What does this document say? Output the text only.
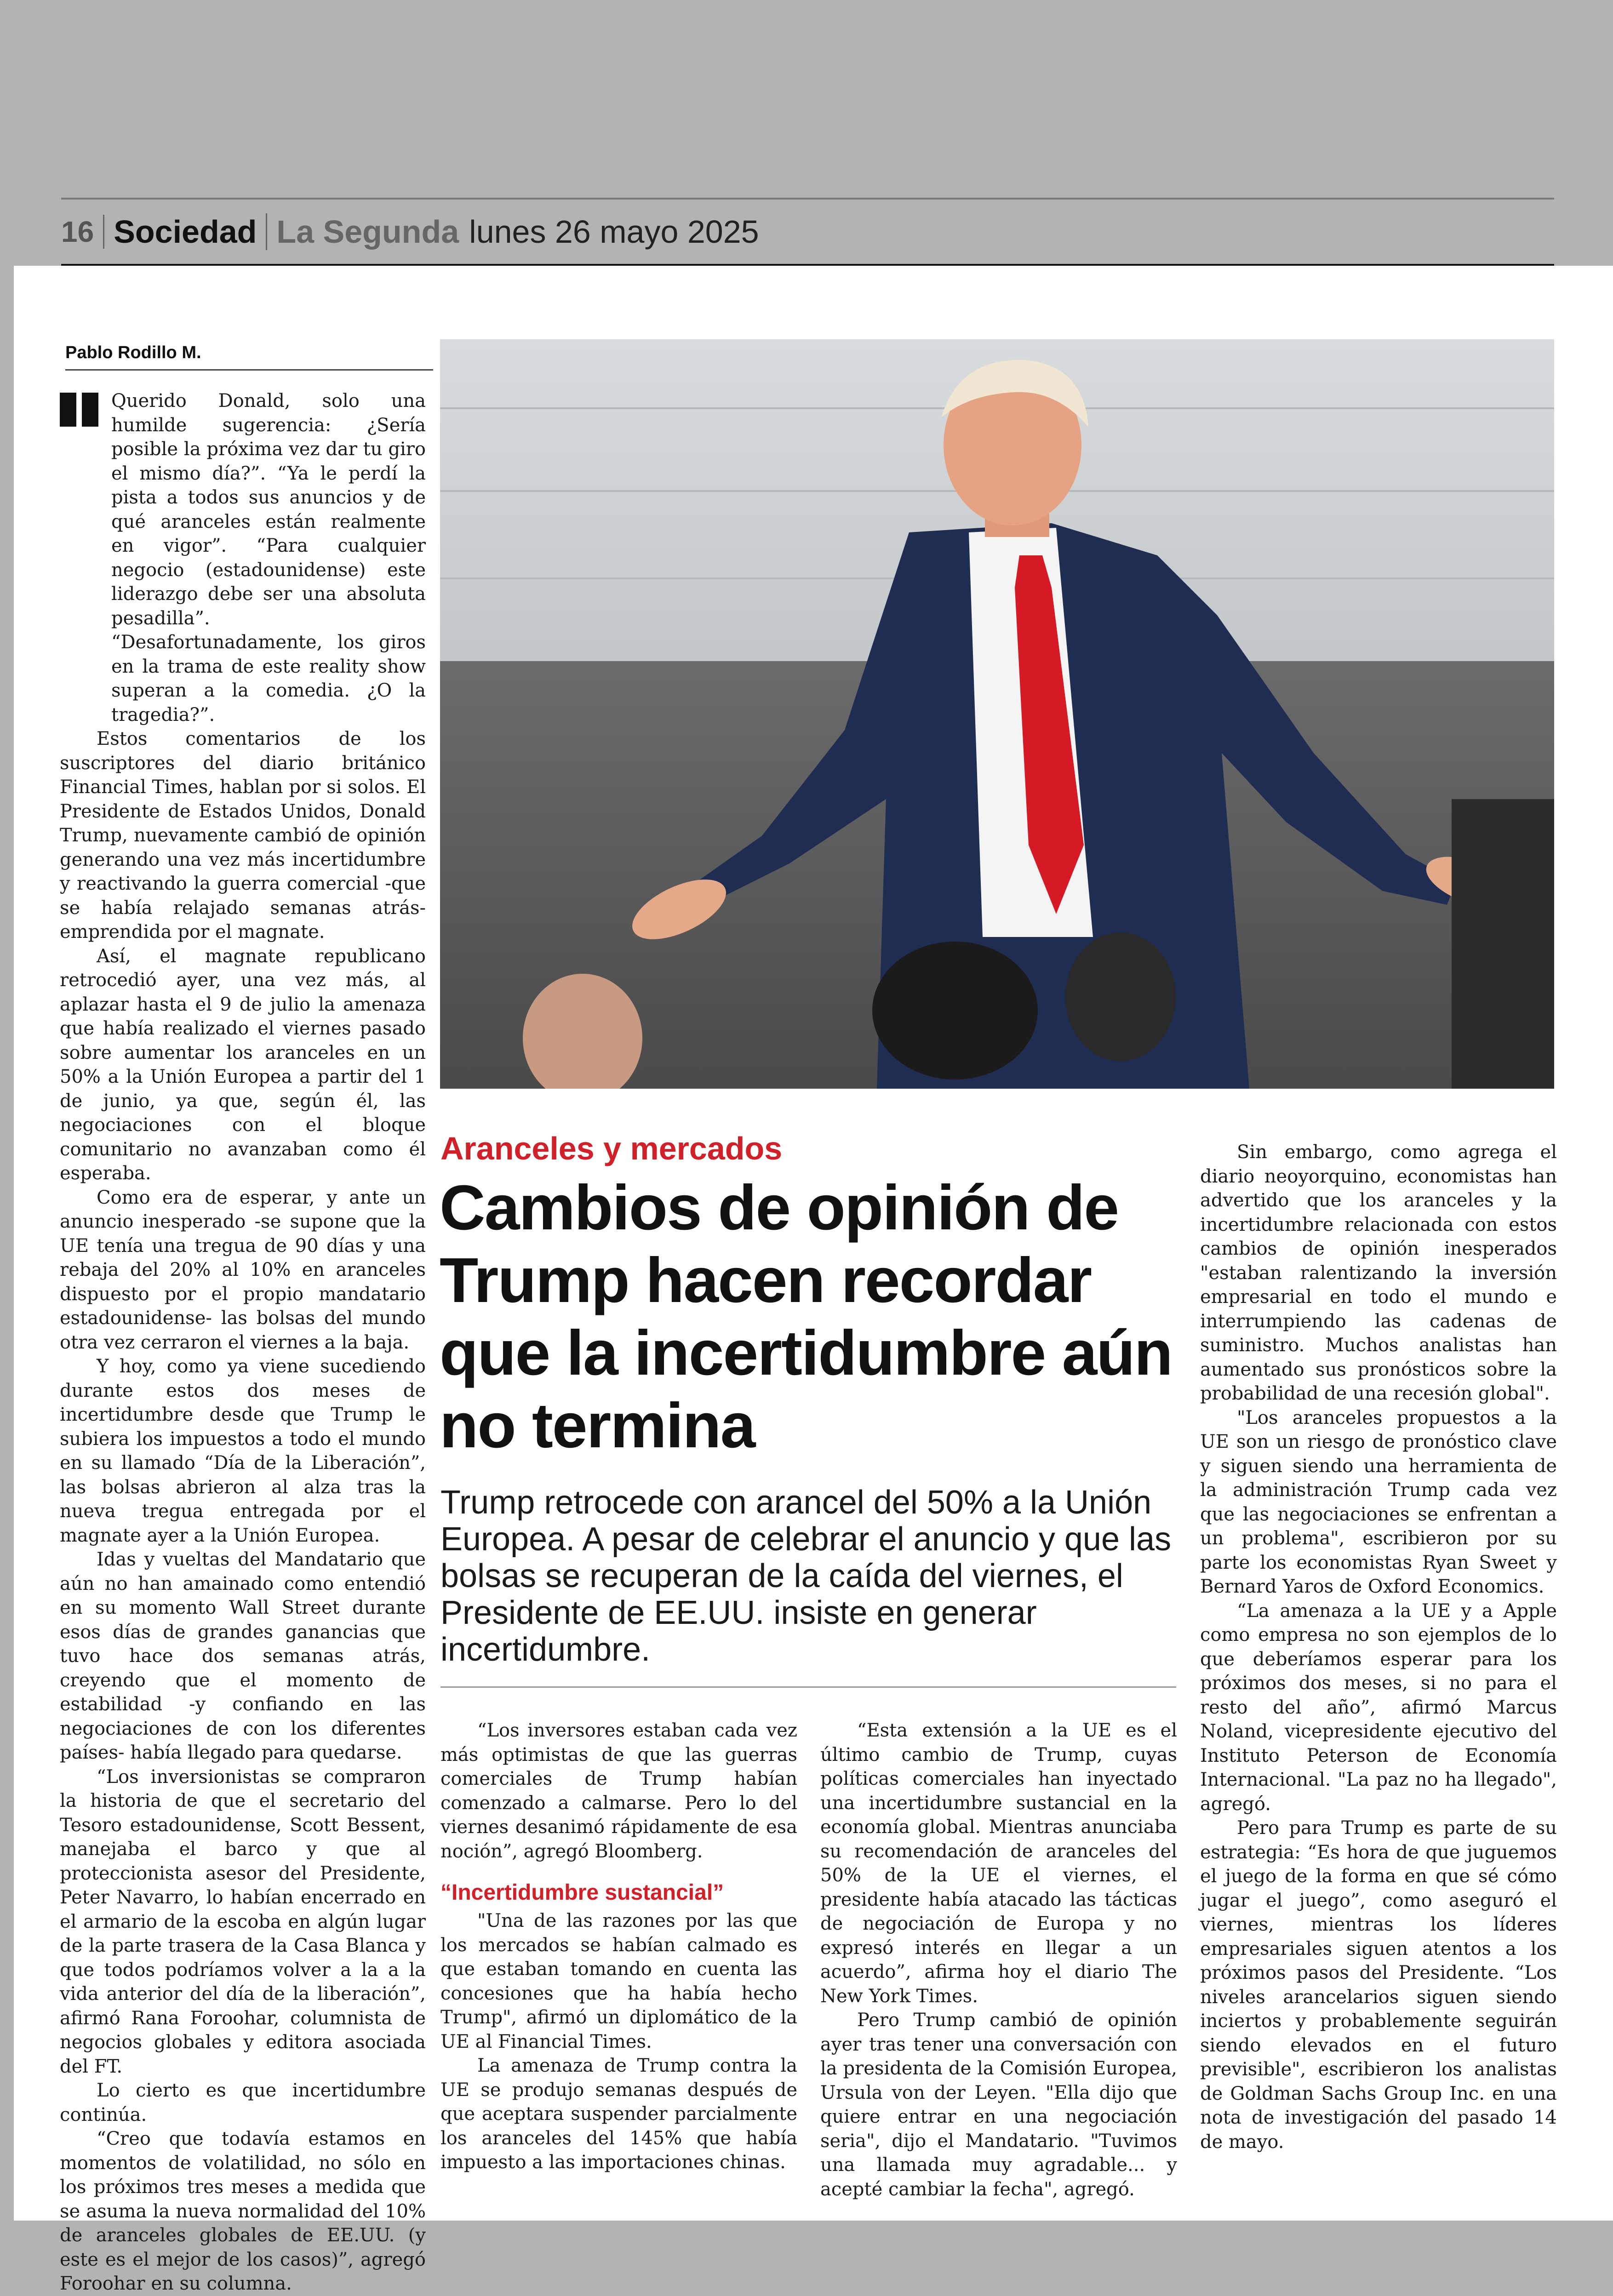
16 Sociedad La Segunda lunes 26 mayo 2025
Pablo Rodillo M.

Querido Donald, solo una humilde sugerencia: ¿Sería posible la próxima vez dar tu giro el mismo día?”. “Ya le perdí la pista a todos sus anuncios y de qué aranceles están realmente en vigor”. “Para cualquier negocio (estadounidense) este liderazgo debe ser una absoluta pesadilla”. “Desafortunadamente, los giros en la trama de este reality show superan a la comedia. ¿O la tragedia?”.

Estos comentarios de los suscriptores del diario británico Financial Times, hablan por si solos. El Presidente de Estados Unidos, Donald Trump, nuevamente cambió de opinión generando una vez más incertidumbre y reactivando la guerra comercial -que se había relajado semanas atrás- emprendida por el magnate.

Así, el magnate republicano retrocedió ayer, una vez más, al aplazar hasta el 9 de julio la amenaza que había realizado el viernes pasado sobre aumentar los aranceles en un 50% a la Unión Europea a partir del 1 de junio, ya que, según él, las negociaciones con el bloque comunitario no avanzaban como él esperaba.

Como era de esperar, y ante un anuncio inesperado -se supone que la UE tenía una tregua de 90 días y una rebaja del 20% al 10% en aranceles dispuesto por el propio mandatario estadounidense- las bolsas del mundo otra vez cerraron el viernes a la baja.

Y hoy, como ya viene sucediendo durante estos dos meses de incertidumbre desde que Trump le subiera los impuestos a todo el mundo en su llamado “Día de la Liberación”, las bolsas abrieron al alza tras la nueva tregua entregada por el magnate ayer a la Unión Europea.

Idas y vueltas del Mandatario que aún no han amainado como entendió en su momento Wall Street durante esos días de grandes ganancias que tuvo hace dos semanas atrás, creyendo que el momento de estabilidad -y confiando en las negociaciones de con los diferentes países- había llegado para quedarse.

“Los inversionistas se compraron la historia de que el secretario del Tesoro estadounidense, Scott Bessent, manejaba el barco y que al proteccionista asesor del Presidente, Peter Navarro, lo habían encerrado en el armario de la escoba en algún lugar de la parte trasera de la Casa Blanca y que todos podríamos volver a la a la vida anterior del día de la liberación”, afirmó Rana Foroohar, columnista de negocios globales y editora asociada del FT.

Lo cierto es que incertidumbre continúa.

“Creo que todavía estamos en momentos de volatilidad, no sólo en los próximos tres meses a medida que se asuma la nueva normalidad del 10% de aranceles globales de EE.UU. (y este es el mejor de los casos)”, agregó Foroohar en su columna.

Aranceles y mercados
Cambios de opinión de Trump hacen recordar que la incertidumbre aún no termina
Trump retrocede con arancel del 50% a la Unión Europea. A pesar de celebrar el anuncio y que las bolsas se recuperan de la caída del viernes, el Presidente de EE.UU. insiste en generar incertidumbre.

“Los inversores estaban cada vez más optimistas de que las guerras comerciales de Trump habían comenzado a calmarse. Pero lo del viernes desanimó rápidamente de esa noción”, agregó Bloomberg.

“Incertidumbre sustancial”

"Una de las razones por las que los mercados se habían calmado es que estaban tomando en cuenta las concesiones que ha había hecho Trump", afirmó un diplomático de la UE al Financial Times.

La amenaza de Trump contra la UE se produjo semanas después de que aceptara suspender parcialmente los aranceles del 145% que había impuesto a las importaciones chinas.

“Esta extensión a la UE es el último cambio de Trump, cuyas políticas comerciales han inyectado una incertidumbre sustancial en la economía global. Mientras anunciaba su recomendación de aranceles del 50% de la UE el viernes, el presidente había atacado las tácticas de negociación de Europa y no expresó interés en llegar a un acuerdo”, afirma hoy el diario The New York Times.

Pero Trump cambió de opinión ayer tras tener una conversación con la presidenta de la Comisión Europea, Ursula von der Leyen. "Ella dijo que quiere entrar en una negociación seria", dijo el Mandatario. "Tuvimos una llamada muy agradable... y acepté cambiar la fecha", agregó.

Sin embargo, como agrega el diario neoyorquino, economistas han advertido que los aranceles y la incertidumbre relacionada con estos cambios de opinión inesperados "estaban ralentizando la inversión empresarial en todo el mundo e interrumpiendo las cadenas de suministro. Muchos analistas han aumentado sus pronósticos sobre la probabilidad de una recesión global".

"Los aranceles propuestos a la UE son un riesgo de pronóstico clave y siguen siendo una herramienta de la administración Trump cada vez que las negociaciones se enfrentan a un problema", escribieron por su parte los economistas Ryan Sweet y Bernard Yaros de Oxford Economics.

“La amenaza a la UE y a Apple como empresa no son ejemplos de lo que deberíamos esperar para los próximos dos meses, si no para el resto del año”, afirmó Marcus Noland, vicepresidente ejecutivo del Instituto Peterson de Economía Internacional. "La paz no ha llegado", agregó.

Pero para Trump es parte de su estrategia: “Es hora de que juguemos el juego de la forma en que sé cómo jugar el juego”, como aseguró el viernes, mientras los líderes empresariales siguen atentos a los próximos pasos del Presidente. “Los niveles arancelarios siguen siendo inciertos y probablemente seguirán siendo elevados en el futuro previsible", escribieron los analistas de Goldman Sachs Group Inc. en una nota de investigación del pasado 14 de mayo.
